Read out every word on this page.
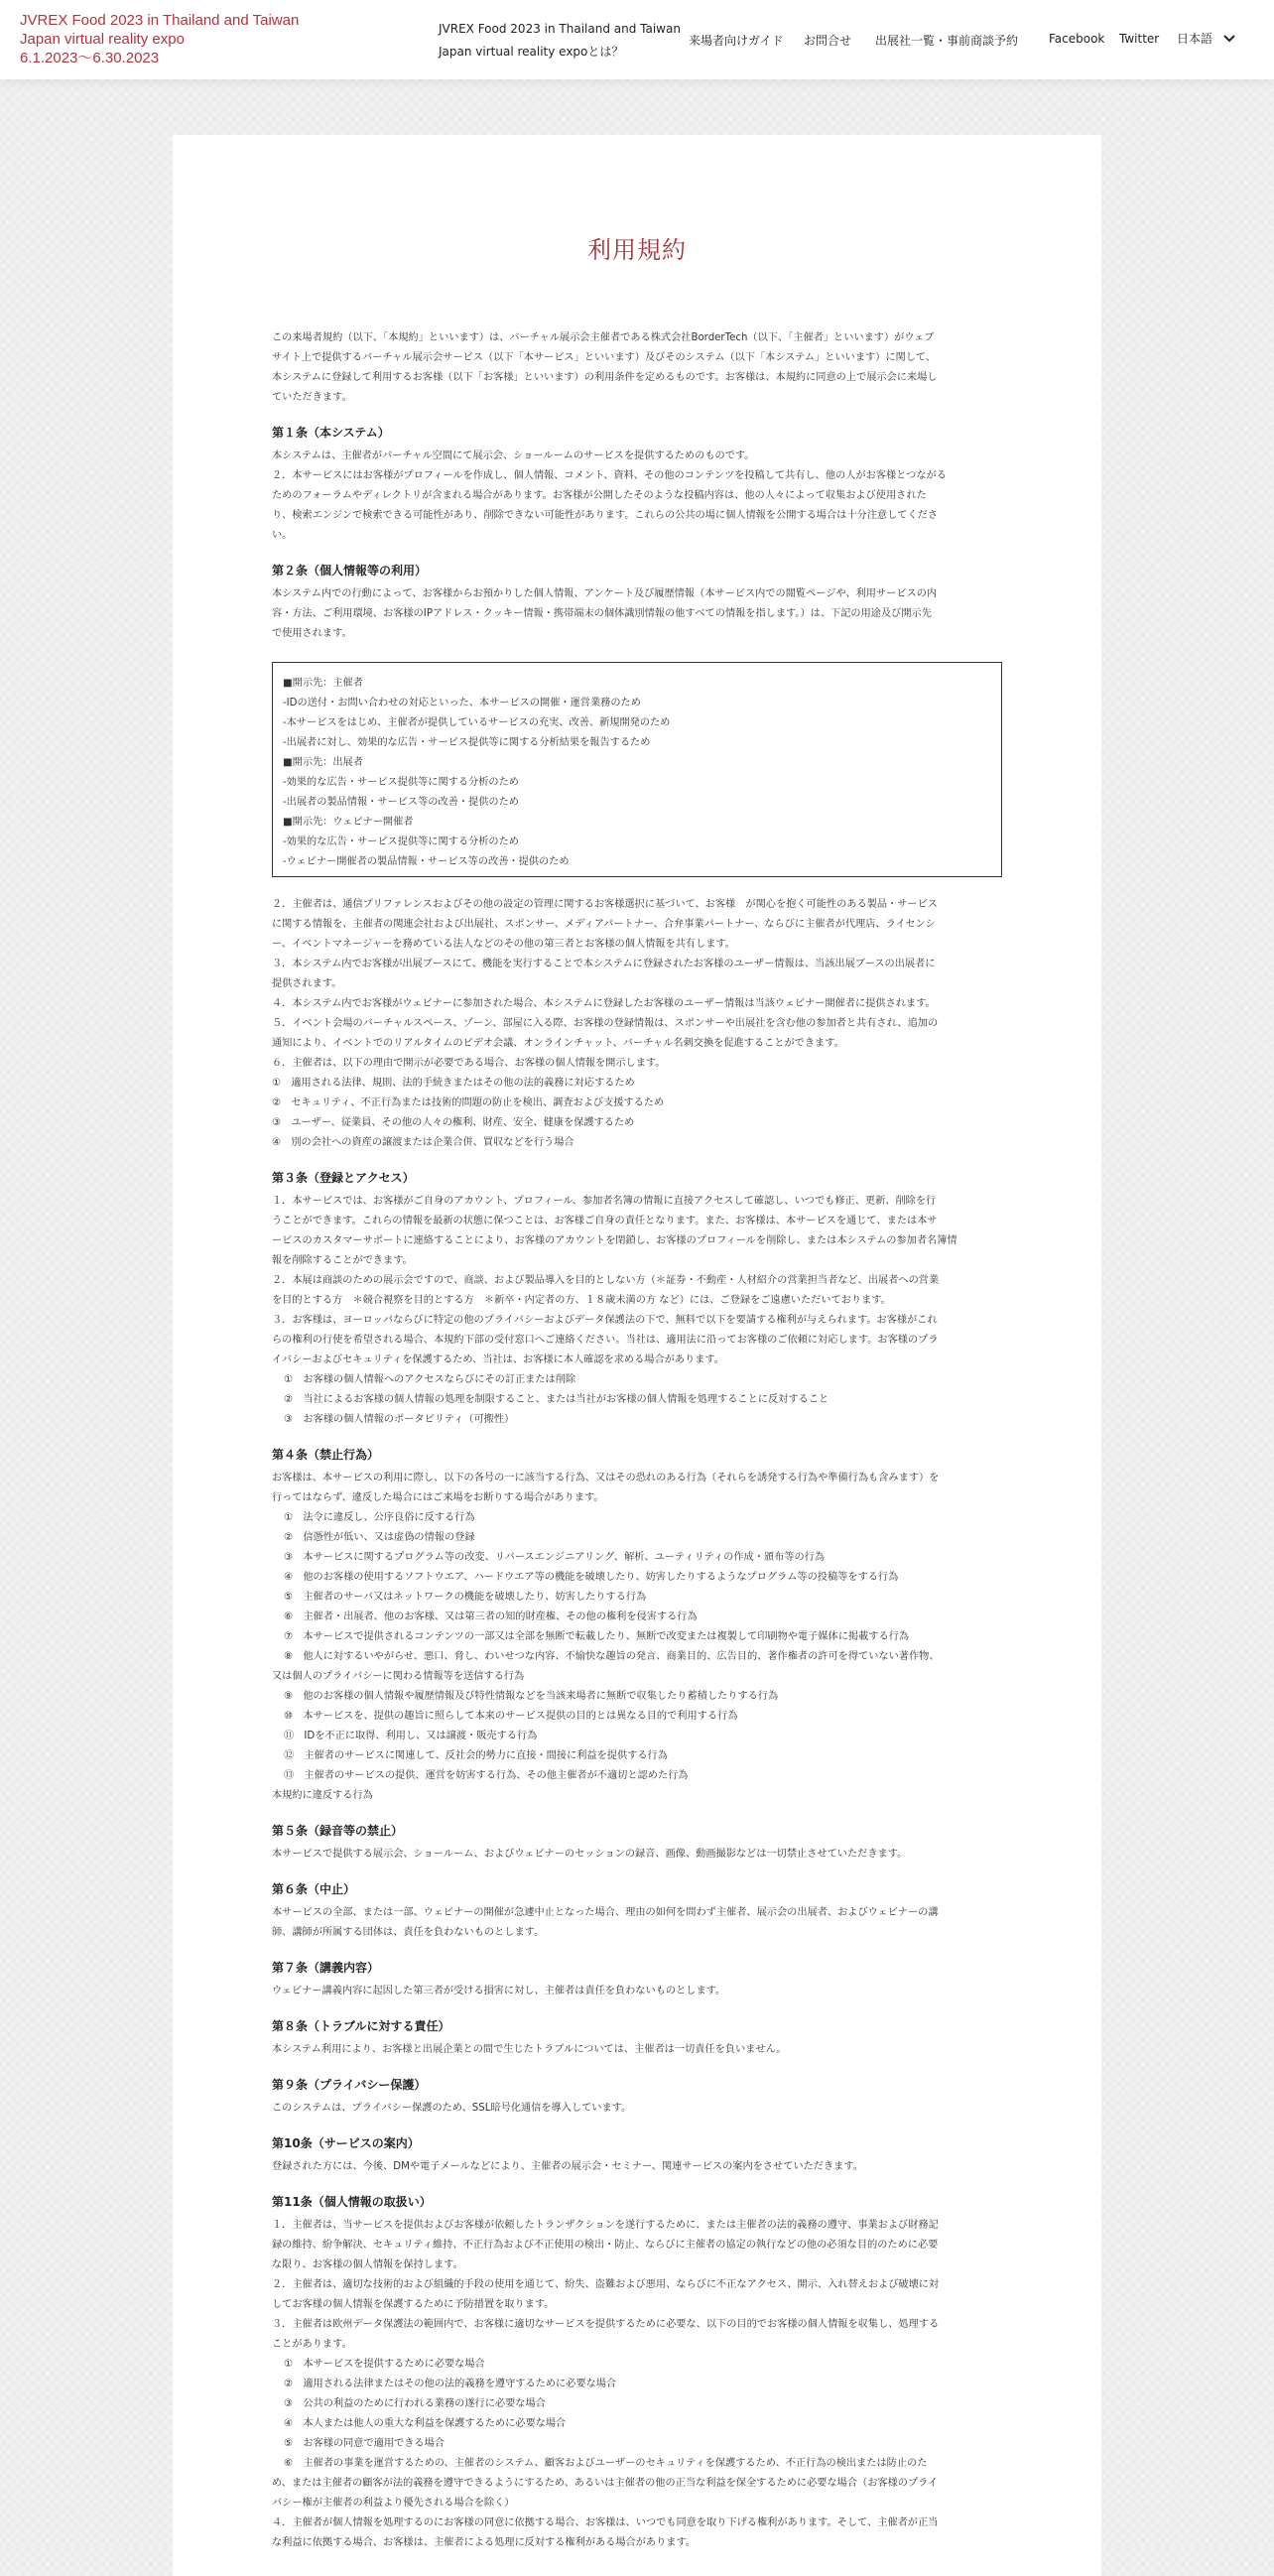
JVREX Food 2023 in Thailand and Taiwan
Japan virtual reality expo
6.1.2023～6.30.2023
JVREX Food 2023 in Thailand and Taiwan
Japan virtual reality expoとは？
来場者向けガイド お問合せ 出展社一覧・事前商談予約	Facebook Twitter 日本語
利用規約

この来場者規約（以下、「本規約」といいます）は、バーチャル展示会主催者である株式会社BorderTech（以下、「主催者」といいます）がウェブ

サイト上で提供するバーチャル展示会サービス（以下「本サービス」といいます）及びそのシステム（以下「本システム」といいます）に関して、

本システムに登録して利用するお客様（以下「お客様」といいます）の利用条件を定めるものです。お客様は、本規約に同意の上で展示会に来場し

ていただきます。

第１条（本システム）

本システムは、主催者がバーチャル空間にて展示会、ショールームのサービスを提供するためのものです。

２．本サービスにはお客様がプロフィールを作成し、個人情報、コメント、資料、その他のコンテンツを投稿して共有し、他の人がお客様とつながる

ためのフォーラムやディレクトリが含まれる場合があります。お客様が公開したそのような投稿内容は、他の人々によって収集および使用された

り、検索エンジンで検索できる可能性があり、削除できない可能性があります。これらの公共の場に個人情報を公開する場合は十分注意してくださ

い。

第２条（個人情報等の利用）

本システム内での行動によって、お客様からお預かりした個人情報、アンケート及び履歴情報（本サービス内での閲覧ページや、利用サービスの内

容・方法、ご利用環境、お客様のIPアドレス・クッキー情報・携帯端末の個体識別情報の他すべての情報を指します。）は、下記の用途及び開示先

で使用されます。

■開示先：主催者

-IDの送付・お問い合わせの対応といった、本サービスの開催・運営業務のため

-本サービスをはじめ、主催者が提供しているサービスの充実、改善、新規開発のため

-出展者に対し、効果的な広告・サービス提供等に関する分析結果を報告するため

■開示先：出展者

-効果的な広告・サービス提供等に関する分析のため

-出展者の製品情報・サービス等の改善・提供のため

■開示先：ウェビナー開催者

-効果的な広告・サービス提供等に関する分析のため

-ウェビナー開催者の製品情報・サービス等の改善・提供のため

２．主催者は、通信プリファレンスおよびその他の設定の管理に関するお客様選択に基づいて、お客様　が関心を抱く可能性のある製品・サービス

に関する情報を、主催者の関連会社および出展社、スポンサー、メディアパートナー、合弁事業パートナー、ならびに主催者が代理店、ライセンシ

ー、イベントマネージャーを務めている法人などのその他の第三者とお客様の個人情報を共有します。

３．本システム内でお客様が出展ブースにて、機能を実行することで本システムに登録されたお客様のユーザー情報は、当該出展ブースの出展者に

提供されます。

４．本システム内でお客様がウェビナーに参加された場合、本システムに登録したお客様のユーザー情報は当該ウェビナー開催者に提供されます。

５．イベント会場のバーチャルスペース、ゾーン、部屋に入る際、お客様の登録情報は、スポンサーや出展社を含む他の参加者と共有され、追加の

通知により、イベントでのリアルタイムのビデオ会議、オンラインチャット、バーチャル名刺交換を促進することができます。

６．主催者は、以下の理由で開示が必要である場合、お客様の個人情報を開示します。

①　適用される法律、規則、法的手続きまたはその他の法的義務に対応するため

②　セキュリティ、不正行為または技術的問題の防止を検出、調査および支援するため

③　ユーザー、従業員、その他の人々の権利、財産、安全、健康を保護するため

④　別の会社への資産の譲渡または企業合併、買収などを行う場合

第３条（登録とアクセス）

１．本サービスでは、お客様がご自身のアカウント、プロフィール、参加者名簿の情報に直接アクセスして確認し、いつでも修正、更新、削除を行

うことができます。これらの情報を最新の状態に保つことは、お客様ご自身の責任となります。また、お客様は、本サービスを通じて、または本サ

ービスのカスタマーサポートに連絡することにより、お客様のアカウントを閉鎖し、お客様のプロフィールを削除し、または本システムの参加者名簿情

報を削除することができます。

２．本展は商談のための展示会ですので、商談、および製品導入を目的としない方（＊証券・不動産・人材紹介の営業担当者など、出展者への営業

を目的とする方　＊競合視察を目的とする方　＊新卒・内定者の方、１８歳未満の方 など）には、ご登録をご遠慮いただいております。

３．お客様は、ヨーロッパならびに特定の他のプライバシーおよびデータ保護法の下で、無料で以下を要請する権利が与えられます。お客様がこれ

らの権利の行使を希望される場合、本規約下部の受付窓口へご連絡ください。当社は、適用法に沿ってお客様のご依頼に対応します。お客様のプラ

イバシーおよびセキュリティを保護するため、当社は、お客様に本人確認を求める場合があります。

①　お客様の個人情報へのアクセスならびにその訂正または削除

②　当社によるお客様の個人情報の処理を制限すること、または当社がお客様の個人情報を処理することに反対すること

③　お客様の個人情報のポータビリティ（可搬性）

第４条（禁止行為）

お客様は、本サービスの利用に際し、以下の各号の一に該当する行為、又はその恐れのある行為（それらを誘発する行為や準備行為も含みます）を

行ってはならず、違反した場合にはご来場をお断りする場合があります。

①　法令に違反し、公序良俗に反する行為

②　信憑性が低い、又は虚偽の情報の登録

③　本サービスに関するプログラム等の改変、リバースエンジニアリング、解析、ユーティリティの作成・頒布等の行為

④　他のお客様の使用するソフトウエア、ハードウエア等の機能を破壊したり、妨害したりするようなプログラム等の投稿等をする行為

⑤　主催者のサーバ又はネットワークの機能を破壊したり、妨害したりする行為

⑥　主催者・出展者、他のお客様、又は第三者の知的財産権、その他の権利を侵害する行為

⑦　本サービスで提供されるコンテンツの一部又は全部を無断で転載したり、無断で改変または複製して印刷物や電子媒体に掲載する行為

⑧　他人に対するいやがらせ、悪口、脅し、わいせつな内容、不愉快な趣旨の発言、商業目的、広告目的、著作権者の許可を得ていない著作物、

又は個人のプライバシーに関わる情報等を送信する行為

⑨　他のお客様の個人情報や履歴情報及び特性情報などを当該来場者に無断で収集したり蓄積したりする行為

⑩　本サービスを、提供の趣旨に照らして本来のサービス提供の目的とは異なる目的で利用する行為

⑪　IDを不正に取得、利用し、又は譲渡・販売する行為

⑫　主催者のサービスに関連して、反社会的勢力に直接・間接に利益を提供する行為

⑬　主催者のサービスの提供、運営を妨害する行為、その他主催者が不適切と認めた行為

本規約に違反する行為

第５条（録音等の禁止）

本サービスで提供する展示会、ショールーム、およびウェビナーのセッションの録音、画像、動画撮影などは一切禁止させていただきます。

第６条（中止）

本サービスの全部、または一部、ウェビナーの開催が急遽中止となった場合、理由の如何を問わず主催者、展示会の出展者、およびウェビナーの講

師、講師が所属する団体は、責任を負わないものとします。

第７条（講義内容）

ウェビナー講義内容に起因した第三者が受ける損害に対し、主催者は責任を負わないものとします。

第８条（トラブルに対する責任）

本システム利用により、お客様と出展企業との間で生じたトラブルについては、主催者は一切責任を負いません。

第９条（プライバシー保護）

このシステムは、プライバシー保護のため、SSL暗号化通信を導入しています。

第10条（サービスの案内）

登録された方には、今後、DMや電子メールなどにより、主催者の展示会・セミナー、関連サービスの案内をさせていただきます。

第11条（個人情報の取扱い）

１．主催者は、当サービスを提供およびお客様が依頼したトランザクションを遂行するために、または主催者の法的義務の遵守、事業および財務記

録の維持、紛争解決、セキュリティ維持、不正行為および不正使用の検出・防止、ならびに主催者の協定の執行などの他の必須な目的のために必要

な限り、お客様の個人情報を保持します。

２．主催者は、適切な技術的および組織的手段の使用を通じて、紛失、盗難および悪用、ならびに不正なアクセス、開示、入れ替えおよび破壊に対

してお客様の個人情報を保護するために予防措置を取ります。

３．主催者は欧州データ保護法の範囲内で、お客様に適切なサービスを提供するために必要な、以下の目的でお客様の個人情報を収集し、処理する

ことがあります。

①　本サービスを提供するために必要な場合

②　適用される法律またはその他の法的義務を遵守するために必要な場合

③　公共の利益のために行われる業務の遂行に必要な場合

④　本人または他人の重大な利益を保護するために必要な場合

⑤　お客様の同意で適用できる場合

⑥　主催者の事業を運営するための、主催者のシステム、顧客およびユーザーのセキュリティを保護するため、不正行為の検出または防止のた

め、または主催者の顧客が法的義務を遵守できるようにするため、あるいは主催者の他の正当な利益を保全するために必要な場合（お客様のプライ

バシー権が主催者の利益より優先される場合を除く）

４．主催者が個人情報を処理するのにお客様の同意に依拠する場合、お客様は、いつでも同意を取り下げる権利があります。そして、主催者が正当

な利益に依拠する場合、お客様は、主催者による処理に反対する権利がある場合があります。
